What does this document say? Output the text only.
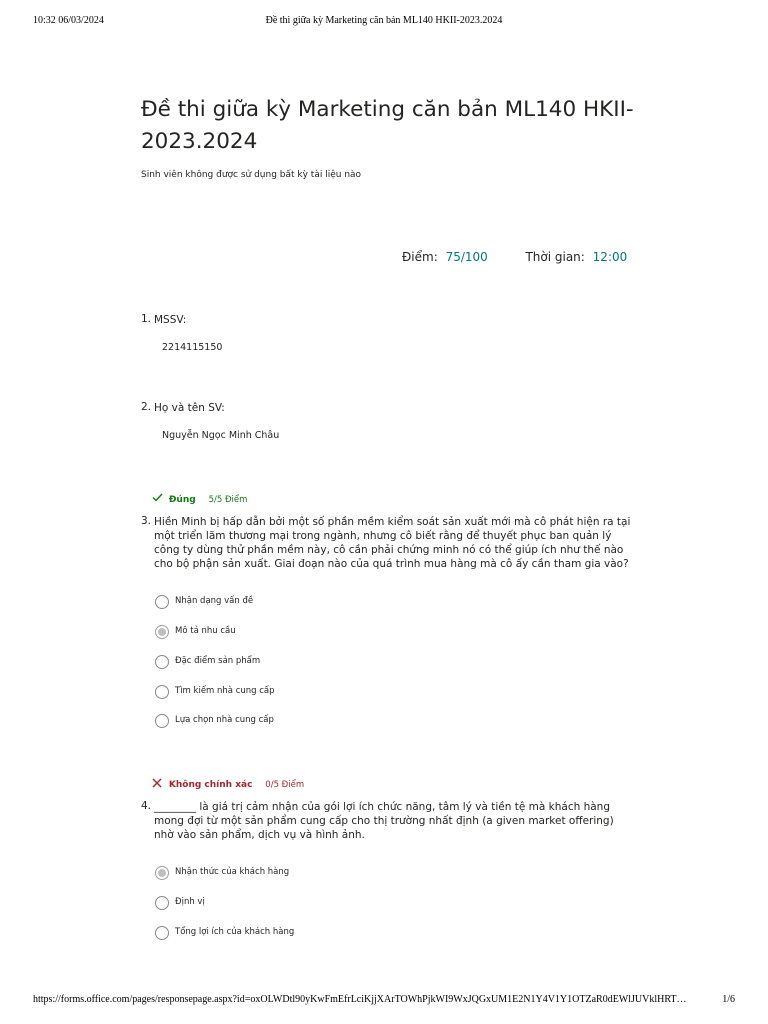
10:32 06/03/2024	Đề thi giữa kỳ Marketing căn bản ML140 HKII-2023.2024
Đề thi giữa kỳ Marketing căn bản ML140 HKII-2023.2024
Sinh viên không được sử dụng bất kỳ tài liệu nào
Điểm: 75/100	Thời gian: 12:00
1. MSSV:
2214115150
2. Họ và tên SV:
Nguyễn Ngọc Minh Châu
Đúng 5/5 Điểm
3. Hiền Minh bị hấp dẫn bởi một số phần mềm kiểm soát sản xuất mới mà cô phát hiện ra tại một triển lãm thương mại trong ngành, nhưng cô biết rằng để thuyết phục ban quản lý công ty dùng thử phần mềm này, cô cần phải chứng minh nó có thể giúp ích như thế nào cho bộ phận sản xuất. Giai đoạn nào của quá trình mua hàng mà cô ấy cần tham gia vào?
Nhận dạng vấn đề
Mô tả nhu cầu
Đặc điểm sản phẩm
Tìm kiếm nhà cung cấp
Lựa chọn nhà cung cấp
Không chính xác 0/5 Điểm
4. ________ là giá trị cảm nhận của gói lợi ích chức năng, tâm lý và tiền tệ mà khách hàng mong đợi từ một sản phẩm cung cấp cho thị trường nhất định (a given market offering) nhờ vào sản phẩm, dịch vụ và hình ảnh.
Nhận thức của khách hàng
Định vị
Tổng lợi ích của khách hàng
https://forms.office.com/pages/responsepage.aspx?id=oxOLWDtl90yKwFmEfrLciKjjXArTOWhPjkWI9WxJQGxUM1E2N1Y4V1Y1OTZaR0dEWlJUVklHRT…	1/6
